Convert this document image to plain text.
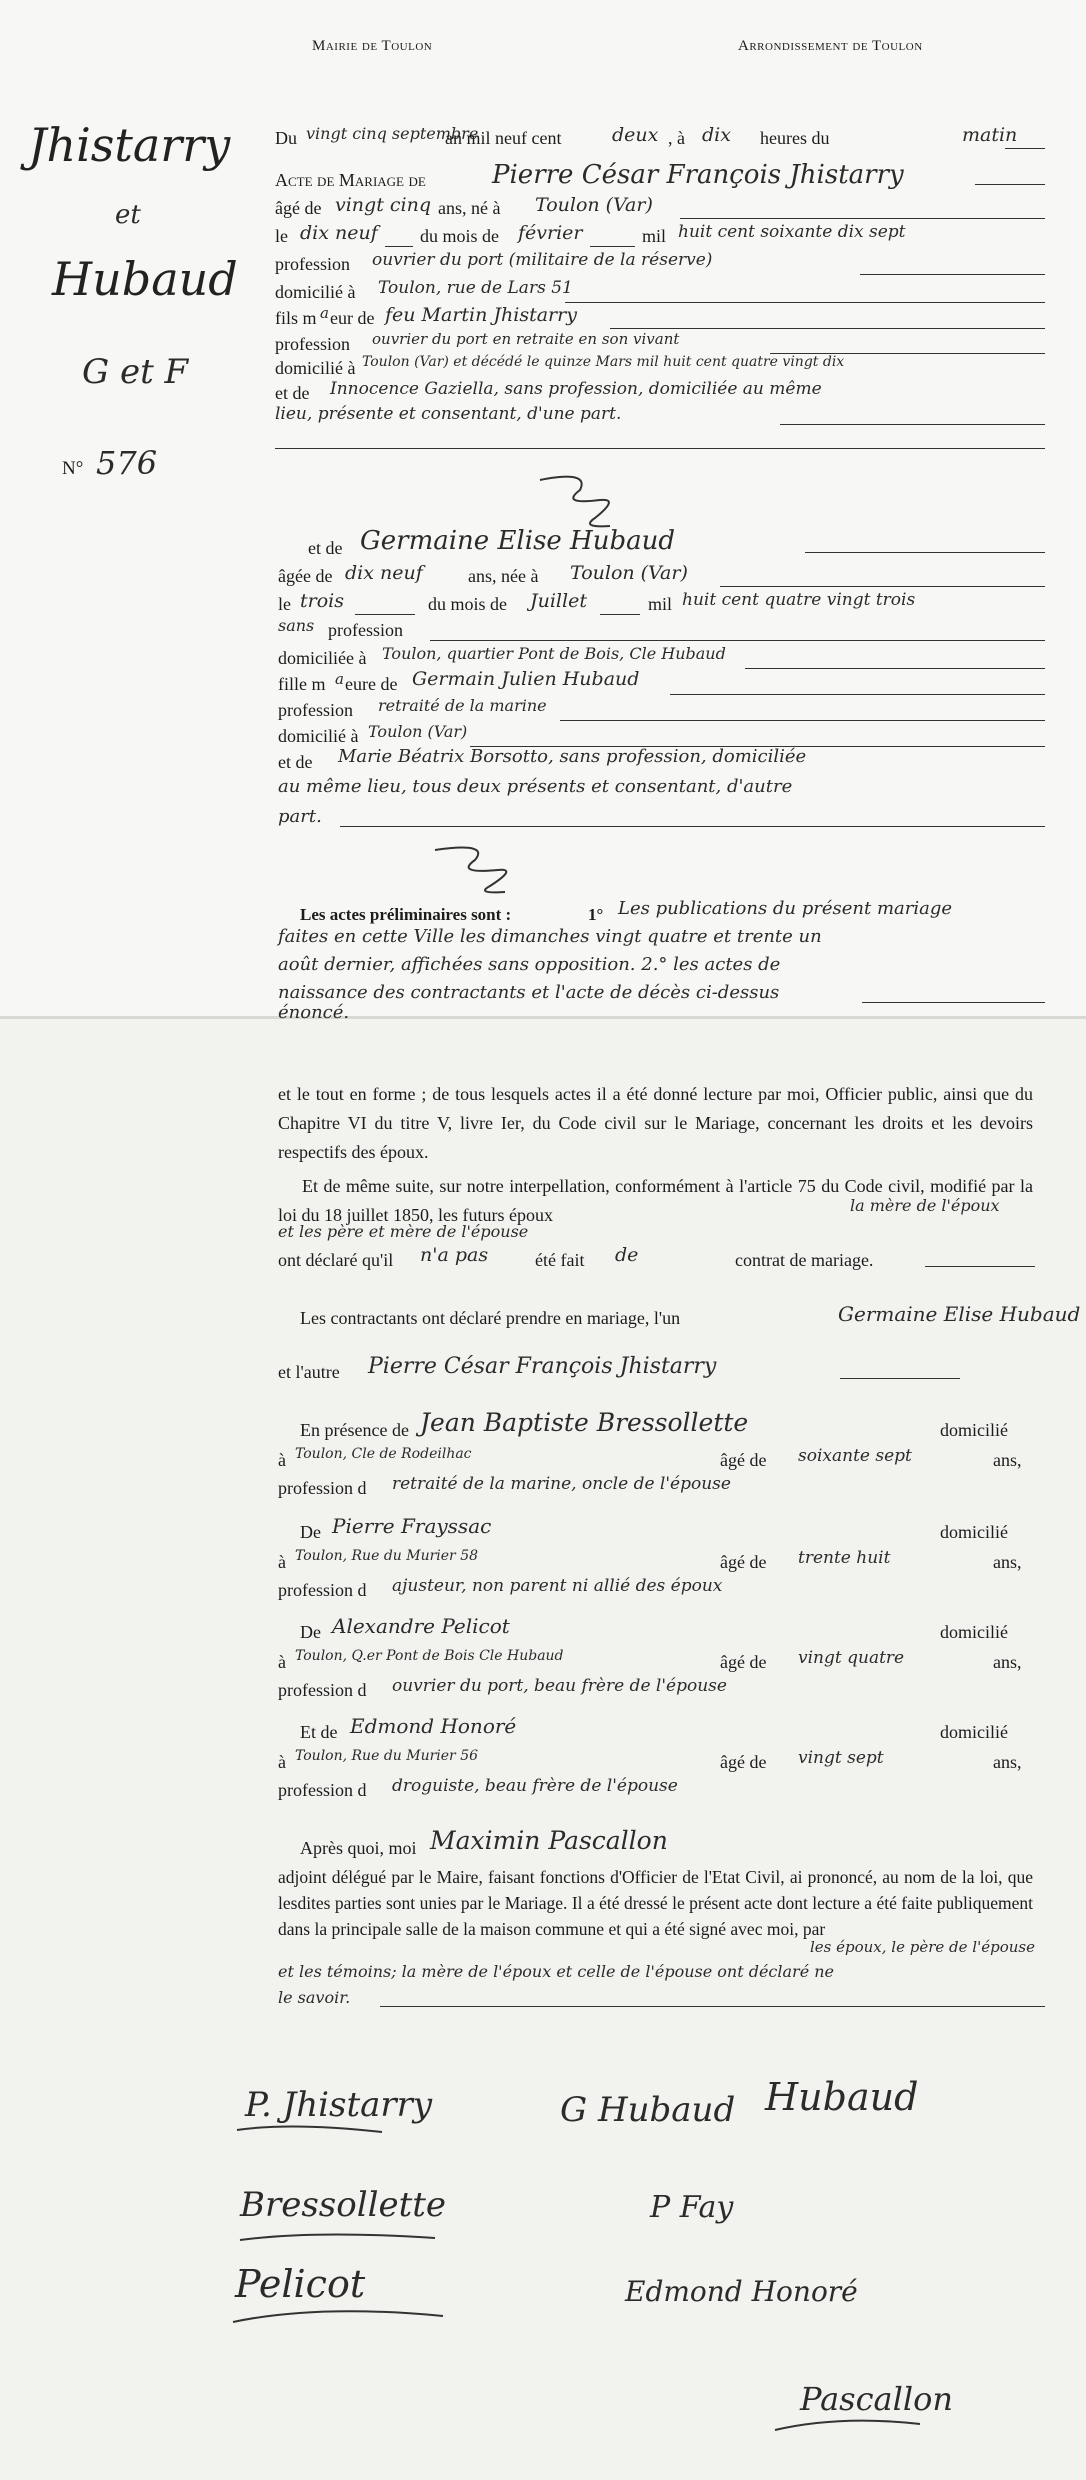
Mairie de Toulon	Arrondissement de Toulon
Jhistarry
et
Hubaud
G et F
N° 576
Du vingt cinq septembre
an mil neuf cent	deux , à dix heures du	matin
Acte de Mariage de	Pierre César François Jhistarry
âgé de vingt cinq ans, né à Toulon (Var)
le dix neuf du mois de février	mil huit cent soixante dix sept
profession ouvrier du port (militaire de la réserve)
domicilié à Toulon, rue de Lars 51
fils m a eur de feu Martin Jhistarry
profession ouvrier du port en retraite en son vivant
domicilié à Toulon (Var) et décédé le quinze Mars mil huit cent quatre vingt dix
et de Innocence Gaziella, sans profession, domiciliée au même
lieu, présente et consentant, d'une part.
et de Germaine Elise Hubaud
âgée de dix neuf	ans, née à Toulon (Var)
le trois	du mois de Juillet	mil huit cent quatre vingt trois
sans profession
domiciliée à Toulon, quartier Pont de Bois, Cle Hubaud
fille m a eure de Germain Julien Hubaud
profession retraité de la marine
domicilié à Toulon (Var)
et de Marie Béatrix Borsotto, sans profession, domiciliée
au même lieu, tous deux présents et consentant, d'autre
part.
Les actes préliminaires sont :	1° Les publications du présent mariage
faites en cette Ville les dimanches vingt quatre et trente un
août dernier, affichées sans opposition. 2.° les actes de
naissance des contractants et l'acte de décès ci-dessus
énoncé.
et le tout en forme ; de tous lesquels actes il a été donné lecture par moi, Officier public, ainsi que du Chapitre VI du titre V, livre Ier, du Code civil sur le Mariage, concernant les droits et les devoirs respectifs des époux.
Et de même suite, sur notre interpellation, conformément à l'article 75 du Code civil, modifié par la loi du 18 juillet 1850, les futurs époux	la mère de l'époux
et les père et mère de l'épouse
ont déclaré qu'il n'a pas	été fait de	contrat de mariage.
Les contractants ont déclaré prendre en mariage, l'un	Germaine Elise Hubaud
et l'autre Pierre César François Jhistarry
En présence de Jean Baptiste Bressollette	domicilié
à Toulon, Cle de Rodeilhac	âgé de soixante sept	ans,
profession d retraité de la marine, oncle de l'épouse
De Pierre Frayssac	domicilié
à Toulon, Rue du Murier 58	âgé de trente huit	ans,
profession d ajusteur, non parent ni allié des époux
De Alexandre Pelicot	domicilié
à Toulon, Q.er Pont de Bois Cle Hubaud	âgé de vingt quatre	ans,
profession d ouvrier du port, beau frère de l'épouse
Et de Edmond Honoré	domicilié
à Toulon, Rue du Murier 56	âgé de vingt sept	ans,
profession d droguiste, beau frère de l'épouse
Après quoi, moi Maximin Pascallon
adjoint délégué par le Maire, faisant fonctions d'Officier de l'Etat Civil, ai prononcé, au nom de la loi, que lesdites parties sont unies par le Mariage. Il a été dressé le présent acte dont lecture a été faite publiquement dans la principale salle de la maison commune et qui a été signé avec moi, par
les époux, le père de l'épouse
et les témoins; la mère de l'époux et celle de l'épouse ont déclaré ne
le savoir.
P. Jhistarry	G Hubaud Hubaud
Bressollette	P Fay
Pelicot	Edmond Honoré
Pascallon
